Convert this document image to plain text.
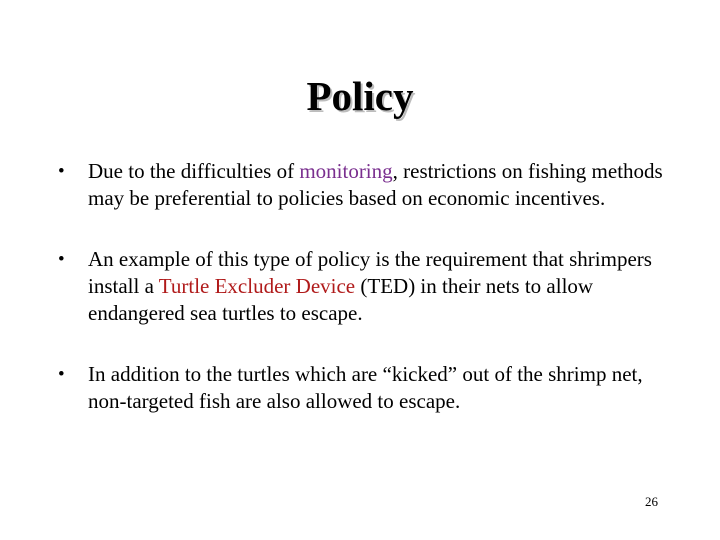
Policy
• Due to the difficulties of monitoring, restrictions on fishing methods may be preferential to policies based on economic incentives.
• An example of this type of policy is the requirement that shrimpers install a Turtle Excluder Device (TED) in their nets to allow endangered sea turtles to escape.
• In addition to the turtles which are “kicked” out of the shrimp net, non-targeted fish are also allowed to escape.
26
